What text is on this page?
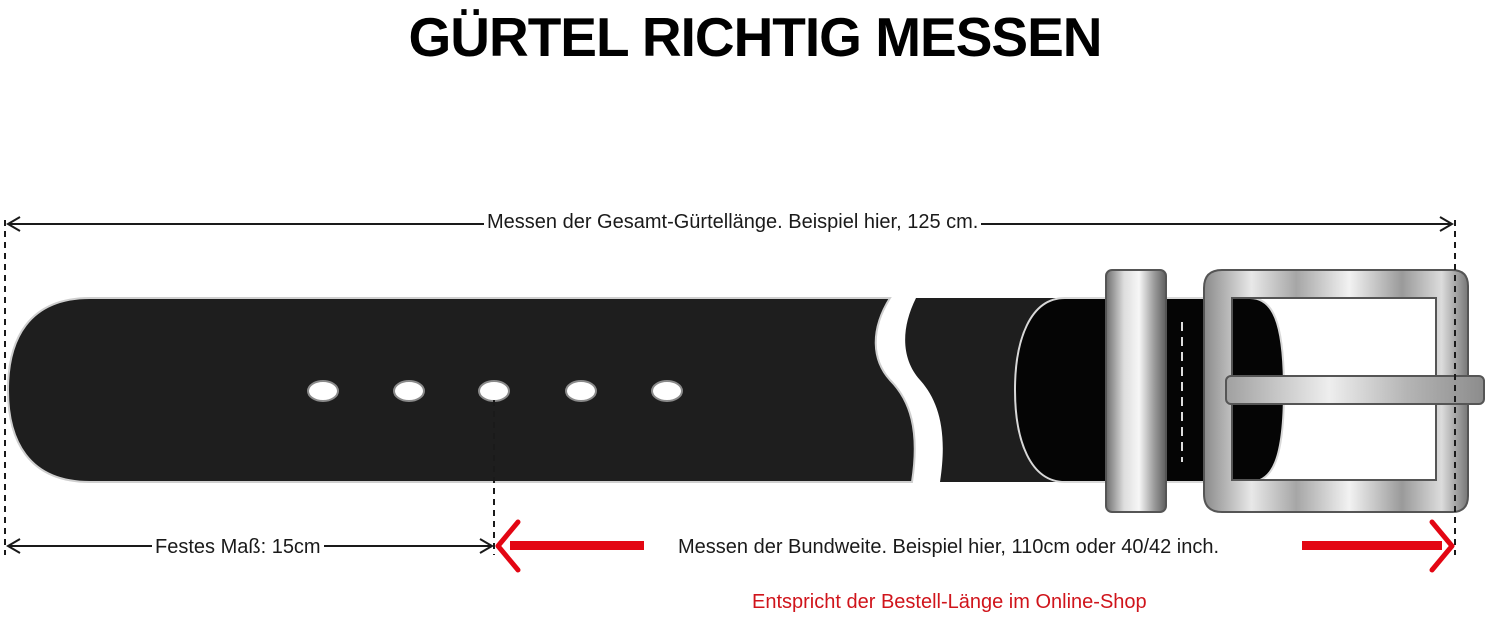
GÜRTEL RICHTIG MESSEN
Messen der Gesamt-Gürtellänge. Beispiel hier, 125 cm.
Festes Maß: 15cm	Messen der Bundweite. Beispiel hier, 110cm oder 40/42 inch.
Entspricht der Bestell-Länge im Online-Shop
